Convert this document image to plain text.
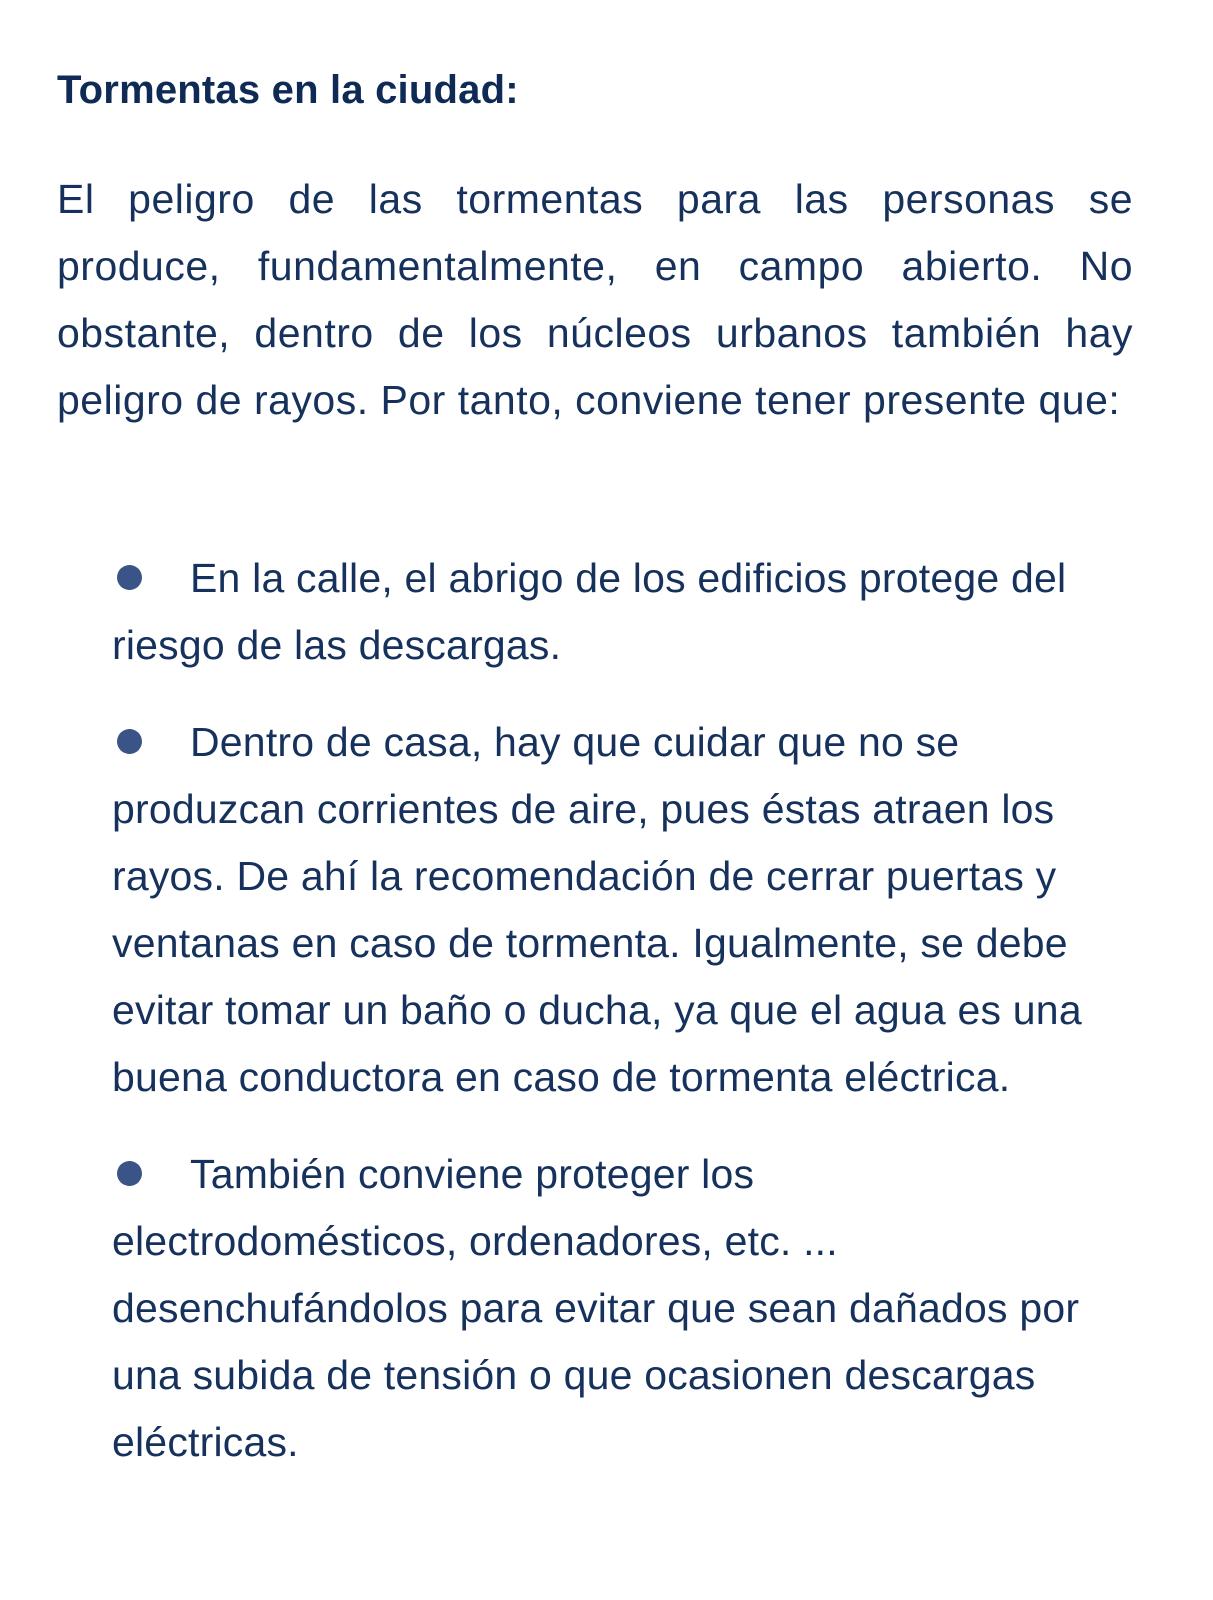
Tormentas en la ciudad:

El peligro de las tormentas para las personas se produce, fundamentalmente, en campo abierto. No obstante, dentro de los núcleos urbanos también hay peligro de rayos. Por tanto, conviene tener presente que:

En la calle, el abrigo de los edificios protege del riesgo de las descargas.
Dentro de casa, hay que cuidar que no se produzcan corrientes de aire, pues éstas atraen los rayos. De ahí la recomendación de cerrar puertas y ventanas en caso de tormenta. Igualmente, se debe evitar tomar un baño o ducha, ya que el agua es una buena conductora en caso de tormenta eléctrica.
También conviene proteger los electrodomésticos, ordenadores, etc. ... desenchufándolos para evitar que sean dañados por una subida de tensión o que ocasionen descargas eléctricas.
